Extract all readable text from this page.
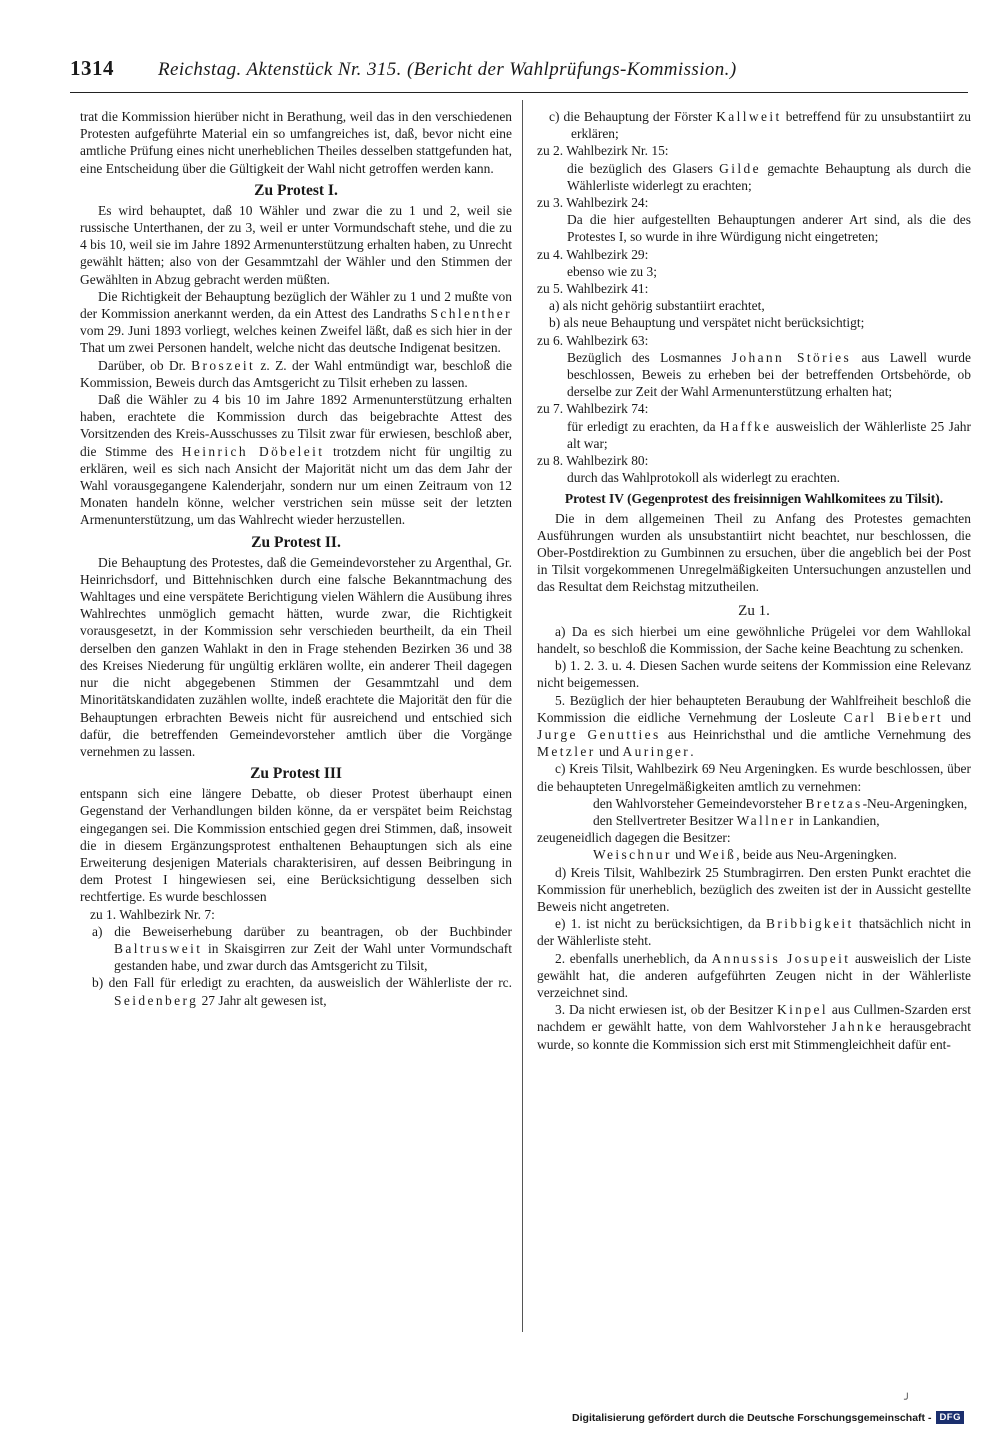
1314 Reichstag. Aktenstück Nr. 315. (Bericht der Wahlprüfungs-Kommission.)

trat die Kommission hierüber nicht in Berathung, weil das in den verschiedenen Protesten aufgeführte Material ein so umfangreiches ist, daß, bevor nicht eine amtliche Prüfung eines nicht unerheblichen Theiles desselben stattgefunden hat, eine Entscheidung über die Gültigkeit der Wahl nicht getroffen werden kann.

Zu Protest I.

Es wird behauptet, daß 10 Wähler und zwar die zu 1 und 2, weil sie russische Unterthanen, der zu 3, weil er unter Vormundschaft stehe, und die zu 4 bis 10, weil sie im Jahre 1892 Armenunterstützung erhalten haben, zu Unrecht gewählt hätten; also von der Gesammtzahl der Wähler und den Stimmen der Gewählten in Abzug gebracht werden müßten.

Die Richtigkeit der Behauptung bezüglich der Wähler zu 1 und 2 mußte von der Kommission anerkannt werden, da ein Attest des Landraths Schlenther vom 29. Juni 1893 vorliegt, welches keinen Zweifel läßt, daß es sich hier in der That um zwei Personen handelt, welche nicht das deutsche Indigenat besitzen.

Darüber, ob Dr. Broszeit z. Z. der Wahl entmündigt war, beschloß die Kommission, Beweis durch das Amtsgericht zu Tilsit erheben zu lassen.

Daß die Wähler zu 4 bis 10 im Jahre 1892 Armenunterstützung erhalten haben, erachtete die Kommission durch das beigebrachte Attest des Vorsitzenden des Kreis-Ausschusses zu Tilsit zwar für erwiesen, beschloß aber, die Stimme des Heinrich Döbeleit trotzdem nicht für ungiltig zu erklären, weil es sich nach Ansicht der Majorität nicht um das dem Jahr der Wahl vorausgegangene Kalenderjahr, sondern nur um einen Zeitraum von 12 Monaten handeln könne, welcher verstrichen sein müsse seit der letzten Armenunterstützung, um das Wahlrecht wieder herzustellen.

Zu Protest II.

Die Behauptung des Protestes, daß die Gemeindevorsteher zu Argenthal, Gr. Heinrichsdorf, und Bittehnischken durch eine falsche Bekanntmachung des Wahltages und eine verspätete Berichtigung vielen Wählern die Ausübung ihres Wahlrechtes unmöglich gemacht hätten, wurde zwar, die Richtigkeit vorausgesetzt, in der Kommission sehr verschieden beurtheilt, da ein Theil derselben den ganzen Wahlakt in den in Frage stehenden Bezirken 36 und 38 des Kreises Niederung für ungültig erklären wollte, ein anderer Theil dagegen nur die nicht abgegebenen Stimmen der Gesammtzahl und dem Minoritätskandidaten zuzählen wollte, indeß erachtete die Majorität den für die Behauptungen erbrachten Beweis nicht für ausreichend und entschied sich dafür, die betreffenden Gemeindevorsteher amtlich über die Vorgänge vernehmen zu lassen.

Zu Protest III

entspann sich eine längere Debatte, ob dieser Protest überhaupt einen Gegenstand der Verhandlungen bilden könne, da er verspätet beim Reichstag eingegangen sei. Die Kommission entschied gegen drei Stimmen, daß, insoweit die in diesem Ergänzungsprotest enthaltenen Behauptungen sich als eine Erweiterung desjenigen Materials charakterisiren, auf dessen Beibringung in dem Protest I hingewiesen sei, eine Berücksichtigung desselben sich rechtfertige. Es wurde beschlossen

zu 1. Wahlbezirk Nr. 7:

a) die Beweiserhebung darüber zu beantragen, ob der Buchbinder Baltrusweit in Skaisgirren zur Zeit der Wahl unter Vormundschaft gestanden habe, und zwar durch das Amtsgericht zu Tilsit,

b) den Fall für erledigt zu erachten, da ausweislich der Wählerliste der rc. Seidenberg 27 Jahr alt gewesen ist,

c) die Behauptung der Förster Kallweit betreffend für zu unsubstantiirt zu erklären;

zu 2. Wahlbezirk Nr. 15:

die bezüglich des Glasers Gilde gemachte Behauptung als durch die Wählerliste widerlegt zu erachten;

zu 3. Wahlbezirk 24:

Da die hier aufgestellten Behauptungen anderer Art sind, als die des Protestes I, so wurde in ihre Würdigung nicht eingetreten;

zu 4. Wahlbezirk 29:

ebenso wie zu 3;

zu 5. Wahlbezirk 41:

a) als nicht gehörig substantiirt erachtet,

b) als neue Behauptung und verspätet nicht berücksichtigt;

zu 6. Wahlbezirk 63:

Bezüglich des Losmannes Johann Störies aus Lawell wurde beschlossen, Beweis zu erheben bei der betreffenden Ortsbehörde, ob derselbe zur Zeit der Wahl Armenunterstützung erhalten hat;

zu 7. Wahlbezirk 74:

für erledigt zu erachten, da Haffke ausweislich der Wählerliste 25 Jahr alt war;

zu 8. Wahlbezirk 80:

durch das Wahlprotokoll als widerlegt zu erachten.

Protest IV (Gegenprotest des freisinnigen Wahlkomitees zu Tilsit).

Die in dem allgemeinen Theil zu Anfang des Protestes gemachten Ausführungen wurden als unsubstantiirt nicht beachtet, nur beschlossen, die Ober-Postdirektion zu Gumbinnen zu ersuchen, über die angeblich bei der Post in Tilsit vorgekommenen Unregelmäßigkeiten Untersuchungen anzustellen und das Resultat dem Reichstag mitzutheilen.

Zu 1.

a) Da es sich hierbei um eine gewöhnliche Prügelei vor dem Wahllokal handelt, so beschloß die Kommission, der Sache keine Beachtung zu schenken.

b) 1. 2. 3. u. 4. Diesen Sachen wurde seitens der Kommission eine Relevanz nicht beigemessen.

5. Bezüglich der hier behaupteten Beraubung der Wahlfreiheit beschloß die Kommission die eidliche Vernehmung der Losleute Carl Biebert und Jurge Genutties aus Heinrichsthal und die amtliche Vernehmung des Metzler und Auringer.

c) Kreis Tilsit, Wahlbezirk 69 Neu Argeningken. Es wurde beschlossen, über die behaupteten Unregelmäßigkeiten amtlich zu vernehmen:

den Wahlvorsteher Gemeindevorsteher Bretzas-Neu-Argeningken,

den Stellvertreter Besitzer Wallner in Lankandien,

zeugeneidlich dagegen die Besitzer:

Weischnur und Weiß, beide aus Neu-Argeningken.

d) Kreis Tilsit, Wahlbezirk 25 Stumbragirren. Den ersten Punkt erachtet die Kommission für unerheblich, bezüglich des zweiten ist der in Aussicht gestellte Beweis nicht angetreten.

e) 1. ist nicht zu berücksichtigen, da Bribbigkeit thatsächlich nicht in der Wählerliste steht.

2. ebenfalls unerheblich, da Annussis Josupeit ausweislich der Liste gewählt hat, die anderen aufgeführten Zeugen nicht in der Wählerliste verzeichnet sind.

3. Da nicht erwiesen ist, ob der Besitzer Kinpel aus Cullmen-Szarden erst nachdem er gewählt hatte, von dem Wahlvorsteher Jahnke herausgebracht wurde, so konnte die Kommission sich erst mit Stimmengleichheit dafür ent-

╯
Digitalisierung gefördert durch die Deutsche Forschungsgemeinschaft - DFG
